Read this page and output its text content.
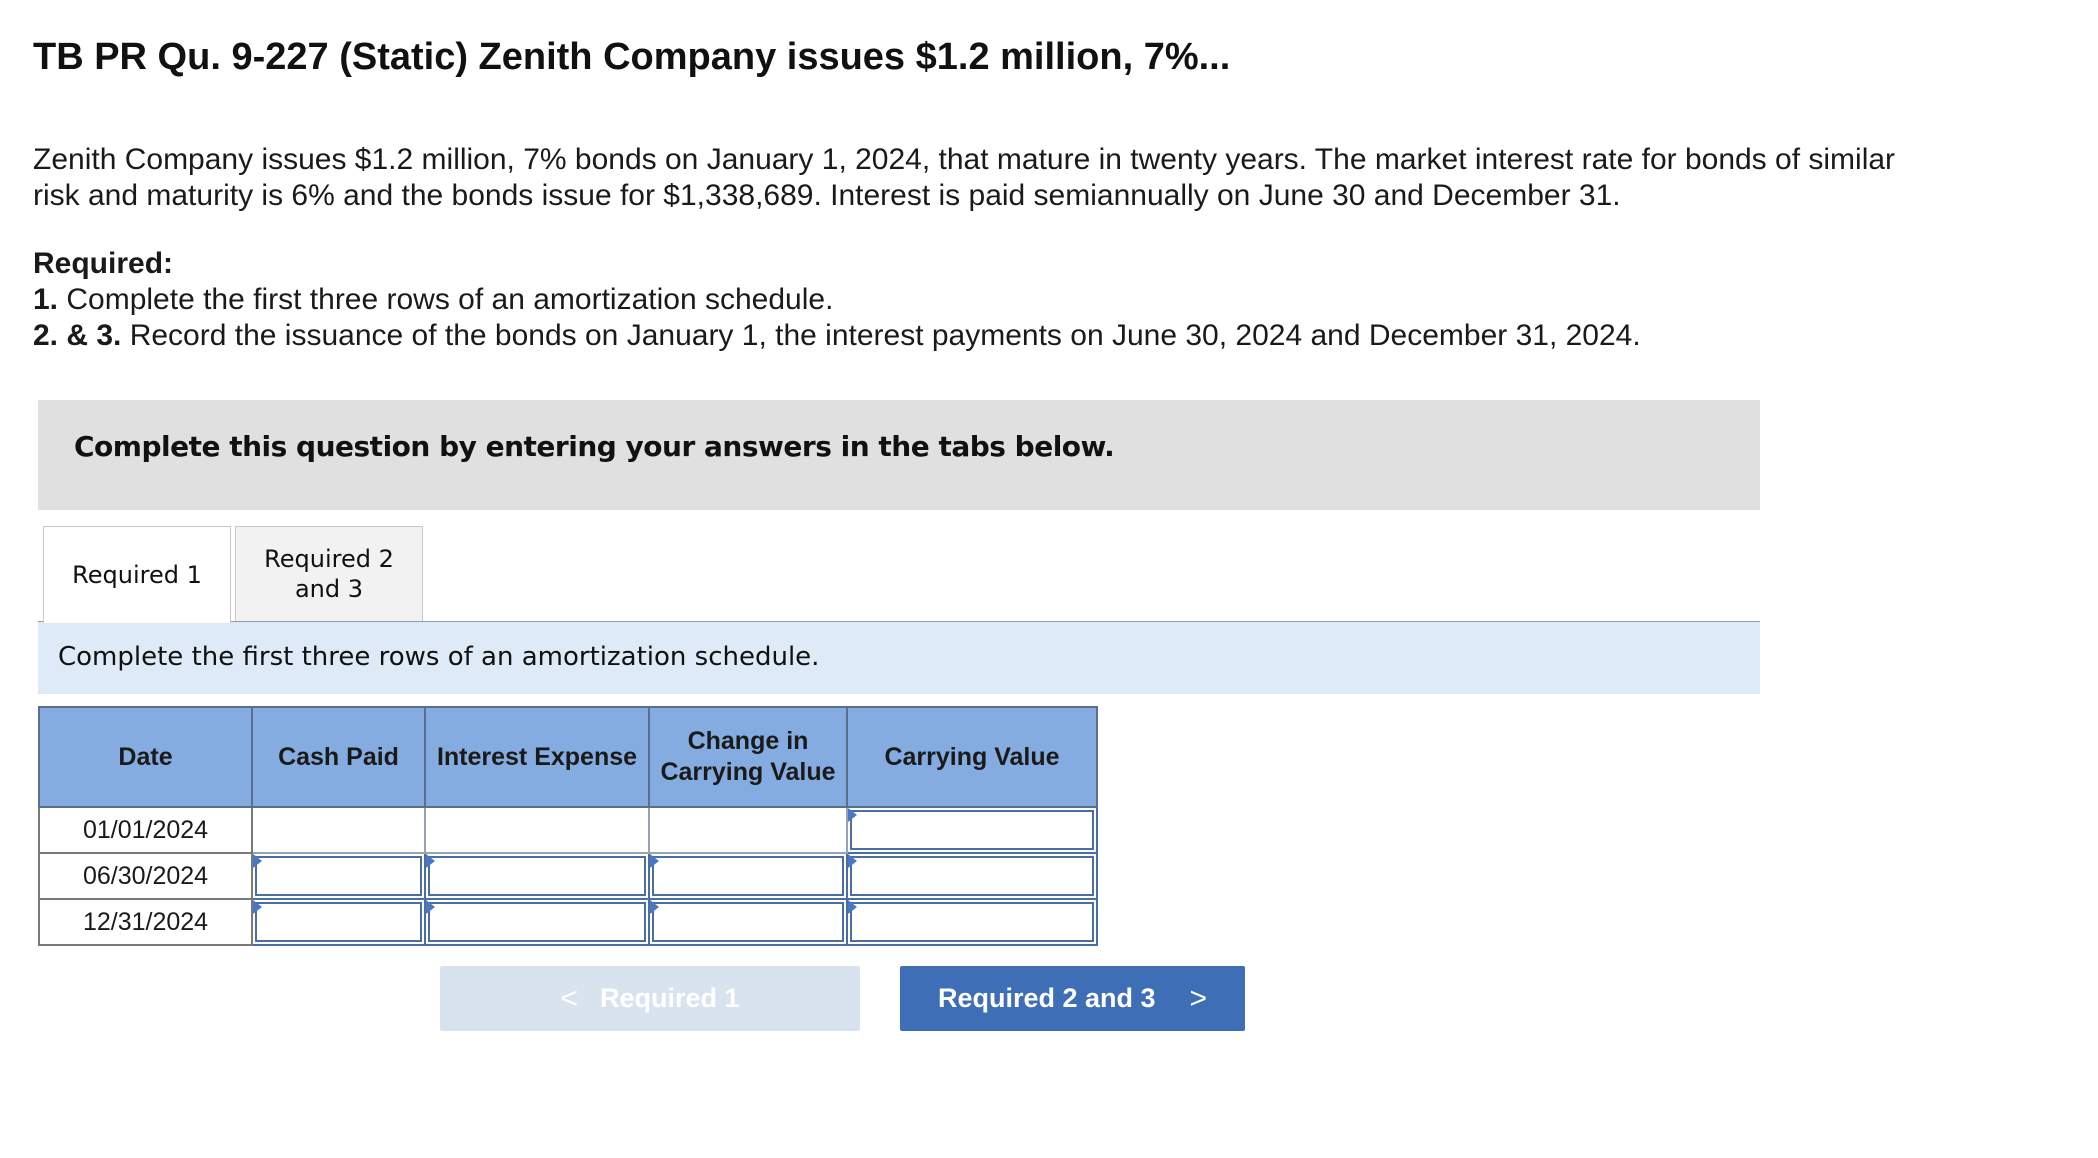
TB PR Qu. 9-227 (Static) Zenith Company issues $1.2 million, 7%...

Zenith Company issues $1.2 million, 7% bonds on January 1, 2024, that mature in twenty years. The market interest rate for bonds of similar risk and maturity is 6% and the bonds issue for $1,338,689. Interest is paid semiannually on June 30 and December 31.

Required:
1. Complete the first three rows of an amortization schedule.
2. & 3. Record the issuance of the bonds on January 1, the interest payments on June 30, 2024 and December 31, 2024.
Complete this question by entering your answers in the tabs below.
Required 1
Required 2
and 3
Complete the first three rows of an amortization schedule.
Date	Cash Paid	Interest Expense	Change in Carrying Value	Carrying Value
01/01/2024				

06/30/2024	

12/31/2024	

< Required 1	Required 2 and 3 >
